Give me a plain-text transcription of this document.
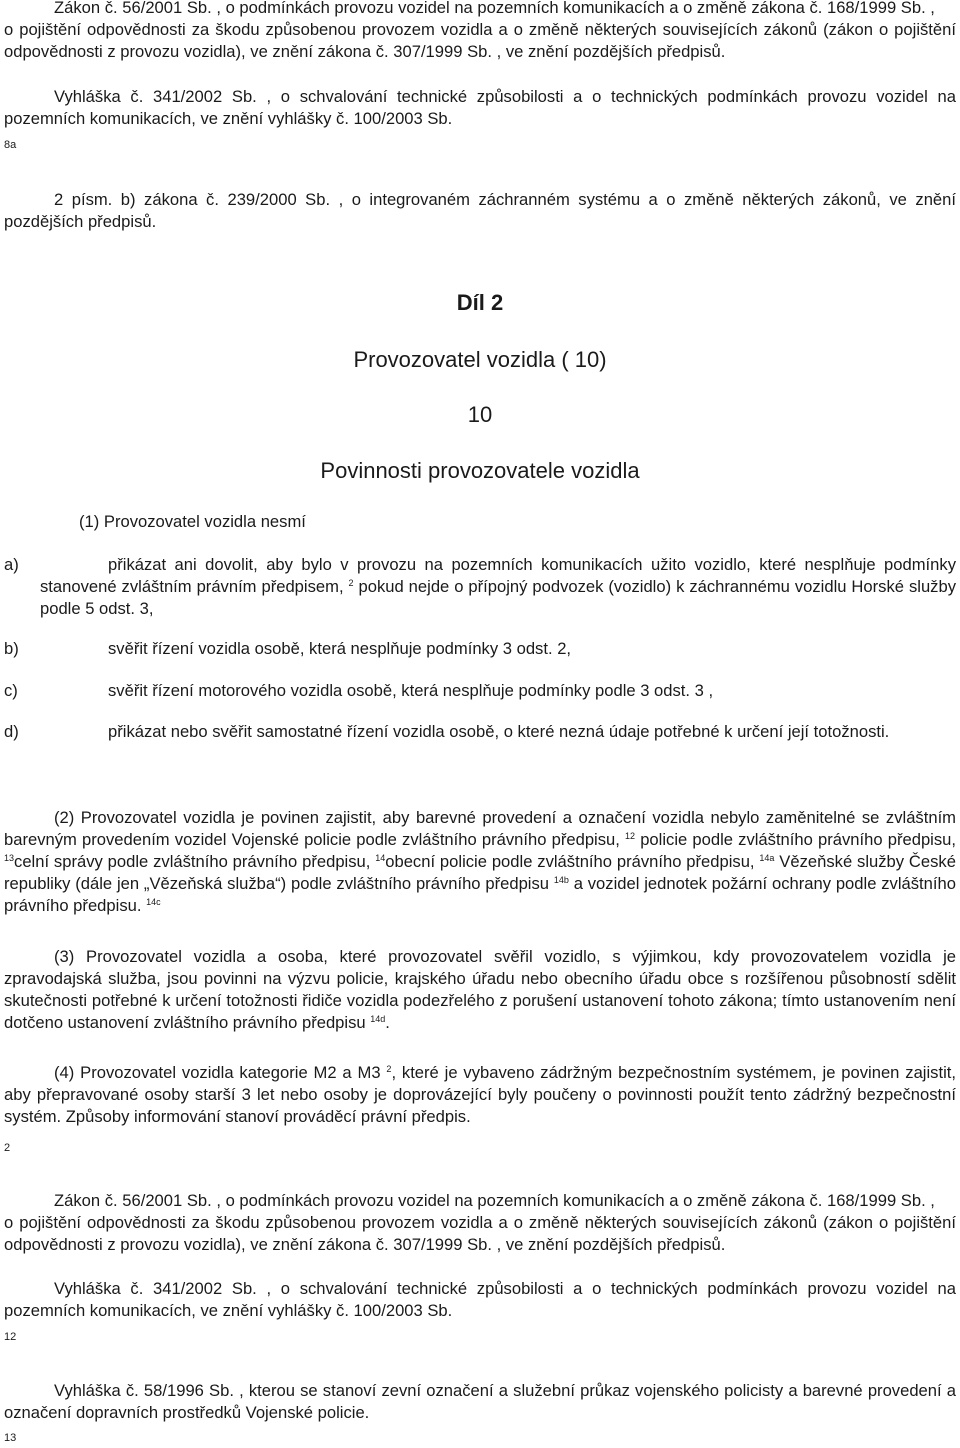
Zákon č. 56/2001 Sb. , o podmínkách provozu vozidel na pozemních komunikacích a o změně zákona č. 168/1999 Sb. ,
o pojištění odpovědnosti za škodu způsobenou provozem vozidla a o změně některých souvisejících zákonů (zákon o pojištění odpovědnosti z provozu vozidla), ve znění zákona č. 307/1999 Sb. , ve znění pozdějších předpisů.
Vyhláška č. 341/2002 Sb. , o schvalování technické způsobilosti a o technických podmínkách provozu vozidel na pozemních komunikacích, ve znění vyhlášky č. 100/2003 Sb.
8a
2 písm. b) zákona č. 239/2000 Sb. , o integrovaném záchranném systému a o změně některých zákonů, ve znění pozdějších předpisů.
Díl 2
Provozovatel vozidla ( 10)
10
Povinnosti provozovatele vozidla
(1) Provozovatel vozidla nesmí
a)	přikázat ani dovolit, aby bylo v provozu na pozemních komunikacích užito vozidlo, které nesplňuje podmínky stanovené zvláštním právním předpisem, $^2$ pokud nejde o přípojný podvozek (vozidlo) k záchrannému vozidlu Horské služby podle 5 odst. 3,
b)	svěřit řízení vozidla osobě, která nesplňuje podmínky 3 odst. 2,
c)	svěřit řízení motorového vozidla osobě, která nesplňuje podmínky podle 3 odst. 3 ,
d)	přikázat nebo svěřit samostatné řízení vozidla osobě, o které nezná údaje potřebné k určení její totožnosti.
(2) Provozovatel vozidla je povinen zajistit, aby barevné provedení a označení vozidla nebylo zaměnitelné se zvláštním barevným provedením vozidel Vojenské policie podle zvláštního právního předpisu, $^{12}$ policie podle zvláštního právního předpisu, $^{13}$celní správy podle zvláštního právního předpisu, $^{14}$obecní policie podle zvláštního právního předpisu, $^{14a}$ Vězeňské služby České republiky (dále jen „Vězeňská služba“) podle zvláštního právního předpisu $^{14b}$ a vozidel jednotek požární ochrany podle zvláštního právního předpisu. $^{14c}$
(3) Provozovatel vozidla a osoba, které provozovatel svěřil vozidlo, s výjimkou, kdy provozovatelem vozidla je zpravodajská služba, jsou povinni na výzvu policie, krajského úřadu nebo obecního úřadu obce s rozšířenou působností sdělit skutečnosti potřebné k určení totožnosti řidiče vozidla podezřelého z porušení ustanovení tohoto zákona; tímto ustanovením není dotčeno ustanovení zvláštního právního předpisu $^{14d}$.
(4) Provozovatel vozidla kategorie M2 a M3 $^2$, které je vybaveno zádržným bezpečnostním systémem, je povinen zajistit, aby přepravované osoby starší 3 let nebo osoby je doprovázející byly poučeny o povinnosti použít tento zádržný bezpečnostní systém. Způsoby informování stanoví prováděcí právní předpis.
2
Zákon č. 56/2001 Sb. , o podmínkách provozu vozidel na pozemních komunikacích a o změně zákona č. 168/1999 Sb. ,
o pojištění odpovědnosti za škodu způsobenou provozem vozidla a o změně některých souvisejících zákonů (zákon o pojištění odpovědnosti z provozu vozidla), ve znění zákona č. 307/1999 Sb. , ve znění pozdějších předpisů.
Vyhláška č. 341/2002 Sb. , o schvalování technické způsobilosti a o technických podmínkách provozu vozidel na pozemních komunikacích, ve znění vyhlášky č. 100/2003 Sb.
12
Vyhláška č. 58/1996 Sb. , kterou se stanoví zevní označení a služební průkaz vojenského policisty a barevné provedení a označení dopravních prostředků Vojenské policie.
13
